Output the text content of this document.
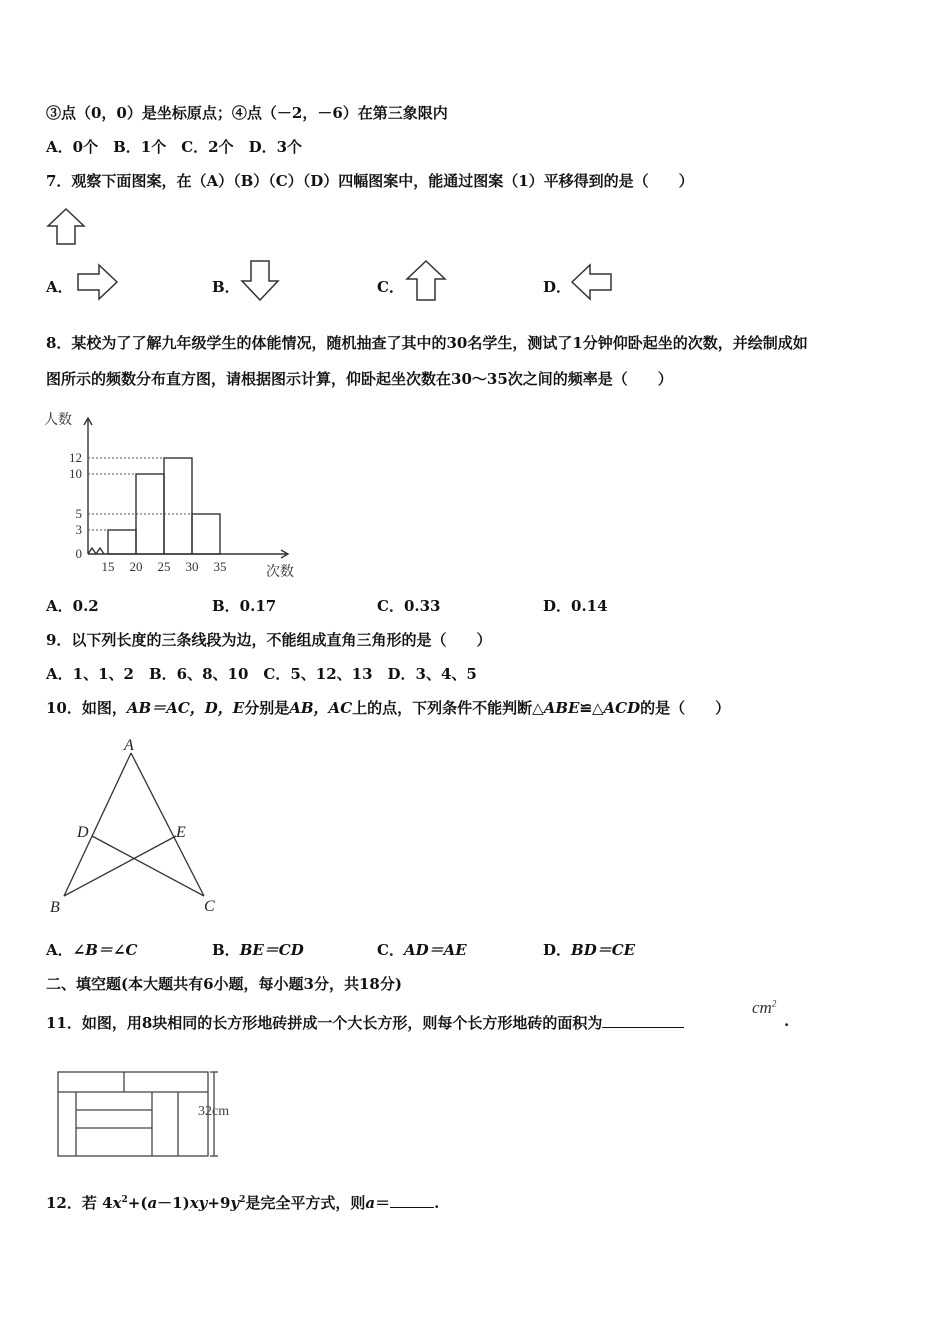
③点（0，0）是坐标原点；④点（－2，－6）在第三象限内
A．0个　B．1个　C．2个　D．3个
7．观察下面图案，在（A）（B）（C）（D）四幅图案中，能通过图案（1）平移得到的是（　　）
A．	B．	C．	D．
8．某校为了了解九年级学生的体能情况，随机抽查了其中的30名学生，测试了1分钟仰卧起坐的次数，并绘制成如
图所示的频数分布直方图，请根据图示计算，仰卧起坐次数在30～35次之间的频率是（　　）
人数
次数
0
3
5
10
12
15 20 25 30 35
A．0.2	B．0.17	C．0.33	D．0.14
9．以下列长度的三条线段为边，不能组成直角三角形的是（　　）
A．1、1、2　B．6、8、10　C．5、12、13　D．3、4、5
10．如图，AB＝AC，D，E分别是AB，AC上的点，下列条件不能判断△ABE≌△ACD的是（　　）
A
D	E
B	C
A．∠B＝∠C	B．BE＝CD	C．AD＝AE	D．BD＝CE
二、填空题(本大题共有6小题，每小题3分，共18分)
11．如图，用8块相同的长方形地砖拼成一个大长方形，则每个长方形地砖的面积为
$cm^2$
.
32cm
12．若 $4x^2+(a-1)xy+9y^2$是完全平方式，则a＝	.
